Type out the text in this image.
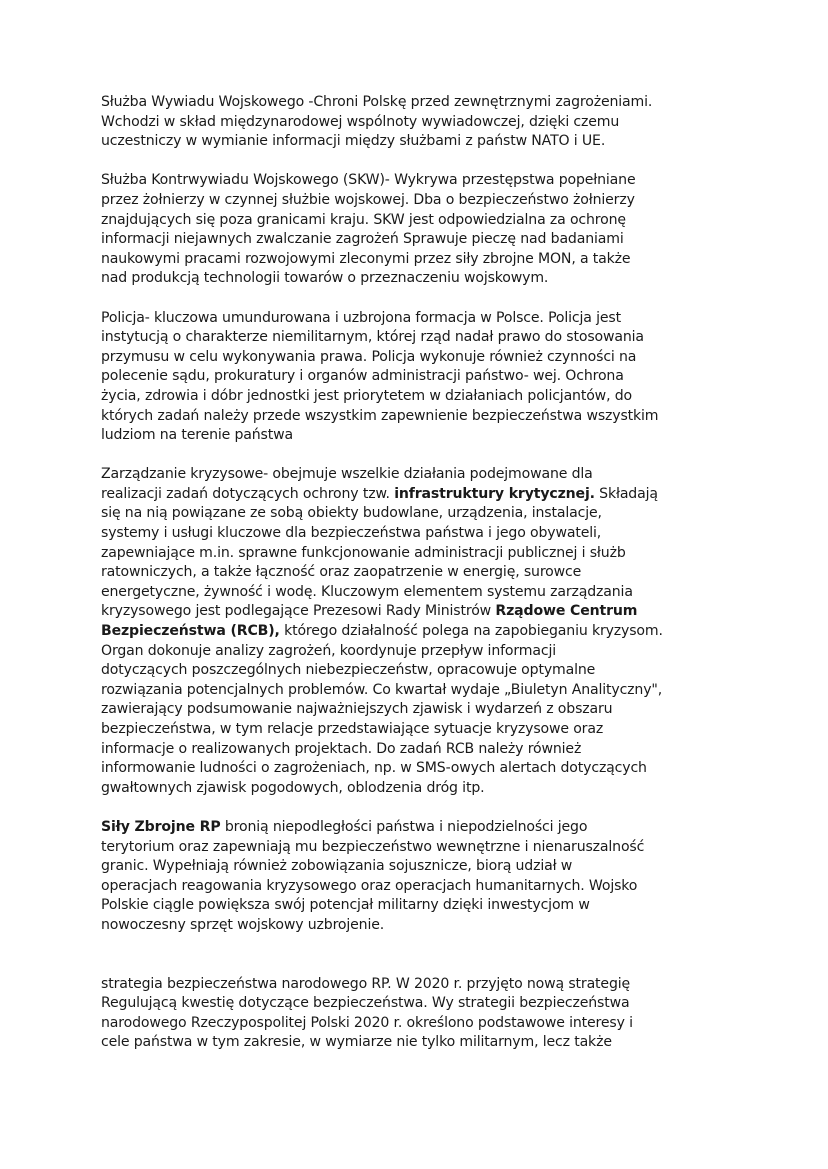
Służba Wywiadu Wojskowego -Chroni Polskę przed zewnętrznymi zagrożeniami.
Wchodzi w skład międzynarodowej wspólnoty wywiadowczej, dzięki czemu
uczestniczy w wymianie informacji między służbami z państw NATO i UE.
Służba Kontrwywiadu Wojskowego (SKW)- Wykrywa przestępstwa popełniane
przez żołnierzy w czynnej służbie wojskowej. Dba o bezpieczeństwo żołnierzy
znajdujących się poza granicami kraju. SKW jest odpowiedzialna za ochronę
informacji niejawnych zwalczanie zagrożeń Sprawuje pieczę nad badaniami
naukowymi pracami rozwojowymi zleconymi przez siły zbrojne MON, a także
nad produkcją technologii towarów o przeznaczeniu wojskowym.
Policja- kluczowa umundurowana i uzbrojona formacja w Polsce. Policja jest
instytucją o charakterze niemilitarnym, której rząd nadał prawo do stosowania
przymusu w celu wykonywania prawa. Policja wykonuje również czynności na
polecenie sądu, prokuratury i organów administracji państwo- wej. Ochrona
życia, zdrowia i dóbr jednostki jest priorytetem w działaniach policjantów, do
których zadań należy przede wszystkim zapewnienie bezpieczeństwa wszystkim
ludziom na terenie państwa
Zarządzanie kryzysowe- obejmuje wszelkie działania podejmowane dla
realizacji zadań dotyczących ochrony tzw. infrastruktury krytycznej. Składają
się na nią powiązane ze sobą obiekty budowlane, urządzenia, instalacje,
systemy i usługi kluczowe dla bezpieczeństwa państwa i jego obywateli,
zapewniające m.in. sprawne funkcjonowanie administracji publicznej i służb
ratowniczych, a także łączność oraz zaopatrzenie w energię, surowce
energetyczne, żywność i wodę. Kluczowym elementem systemu zarządzania
kryzysowego jest podlegające Prezesowi Rady Ministrów Rządowe Centrum
Bezpieczeństwa (RCB), którego działalność polega na zapobieganiu kryzysom.
Organ dokonuje analizy zagrożeń, koordynuje przepływ informacji
dotyczących poszczególnych niebezpieczeństw, opracowuje optymalne
rozwiązania potencjalnych problemów. Co kwartał wydaje „Biuletyn Analityczny",
zawierający podsumowanie najważniejszych zjawisk i wydarzeń z obszaru
bezpieczeństwa, w tym relacje przedstawiające sytuacje kryzysowe oraz
informacje o realizowanych projektach. Do zadań RCB należy również
informowanie ludności o zagrożeniach, np. w SMS-owych alertach dotyczących
gwałtownych zjawisk pogodowych, oblodzenia dróg itp.
Siły Zbrojne RP bronią niepodległości państwa i niepodzielności jego
terytorium oraz zapewniają mu bezpieczeństwo wewnętrzne i nienaruszalność
granic. Wypełniają również zobowiązania sojusznicze, biorą udział w
operacjach reagowania kryzysowego oraz operacjach humanitarnych. Wojsko
Polskie ciągle powiększa swój potencjał militarny dzięki inwestycjom w
nowoczesny sprzęt wojskowy uzbrojenie.
strategia bezpieczeństwa narodowego RP. W 2020 r. przyjęto nową strategię
Regulującą kwestię dotyczące bezpieczeństwa. Wy strategii bezpieczeństwa
narodowego Rzeczypospolitej Polski 2020 r. określono podstawowe interesy i
cele państwa w tym zakresie, w wymiarze nie tylko militarnym, lecz także
